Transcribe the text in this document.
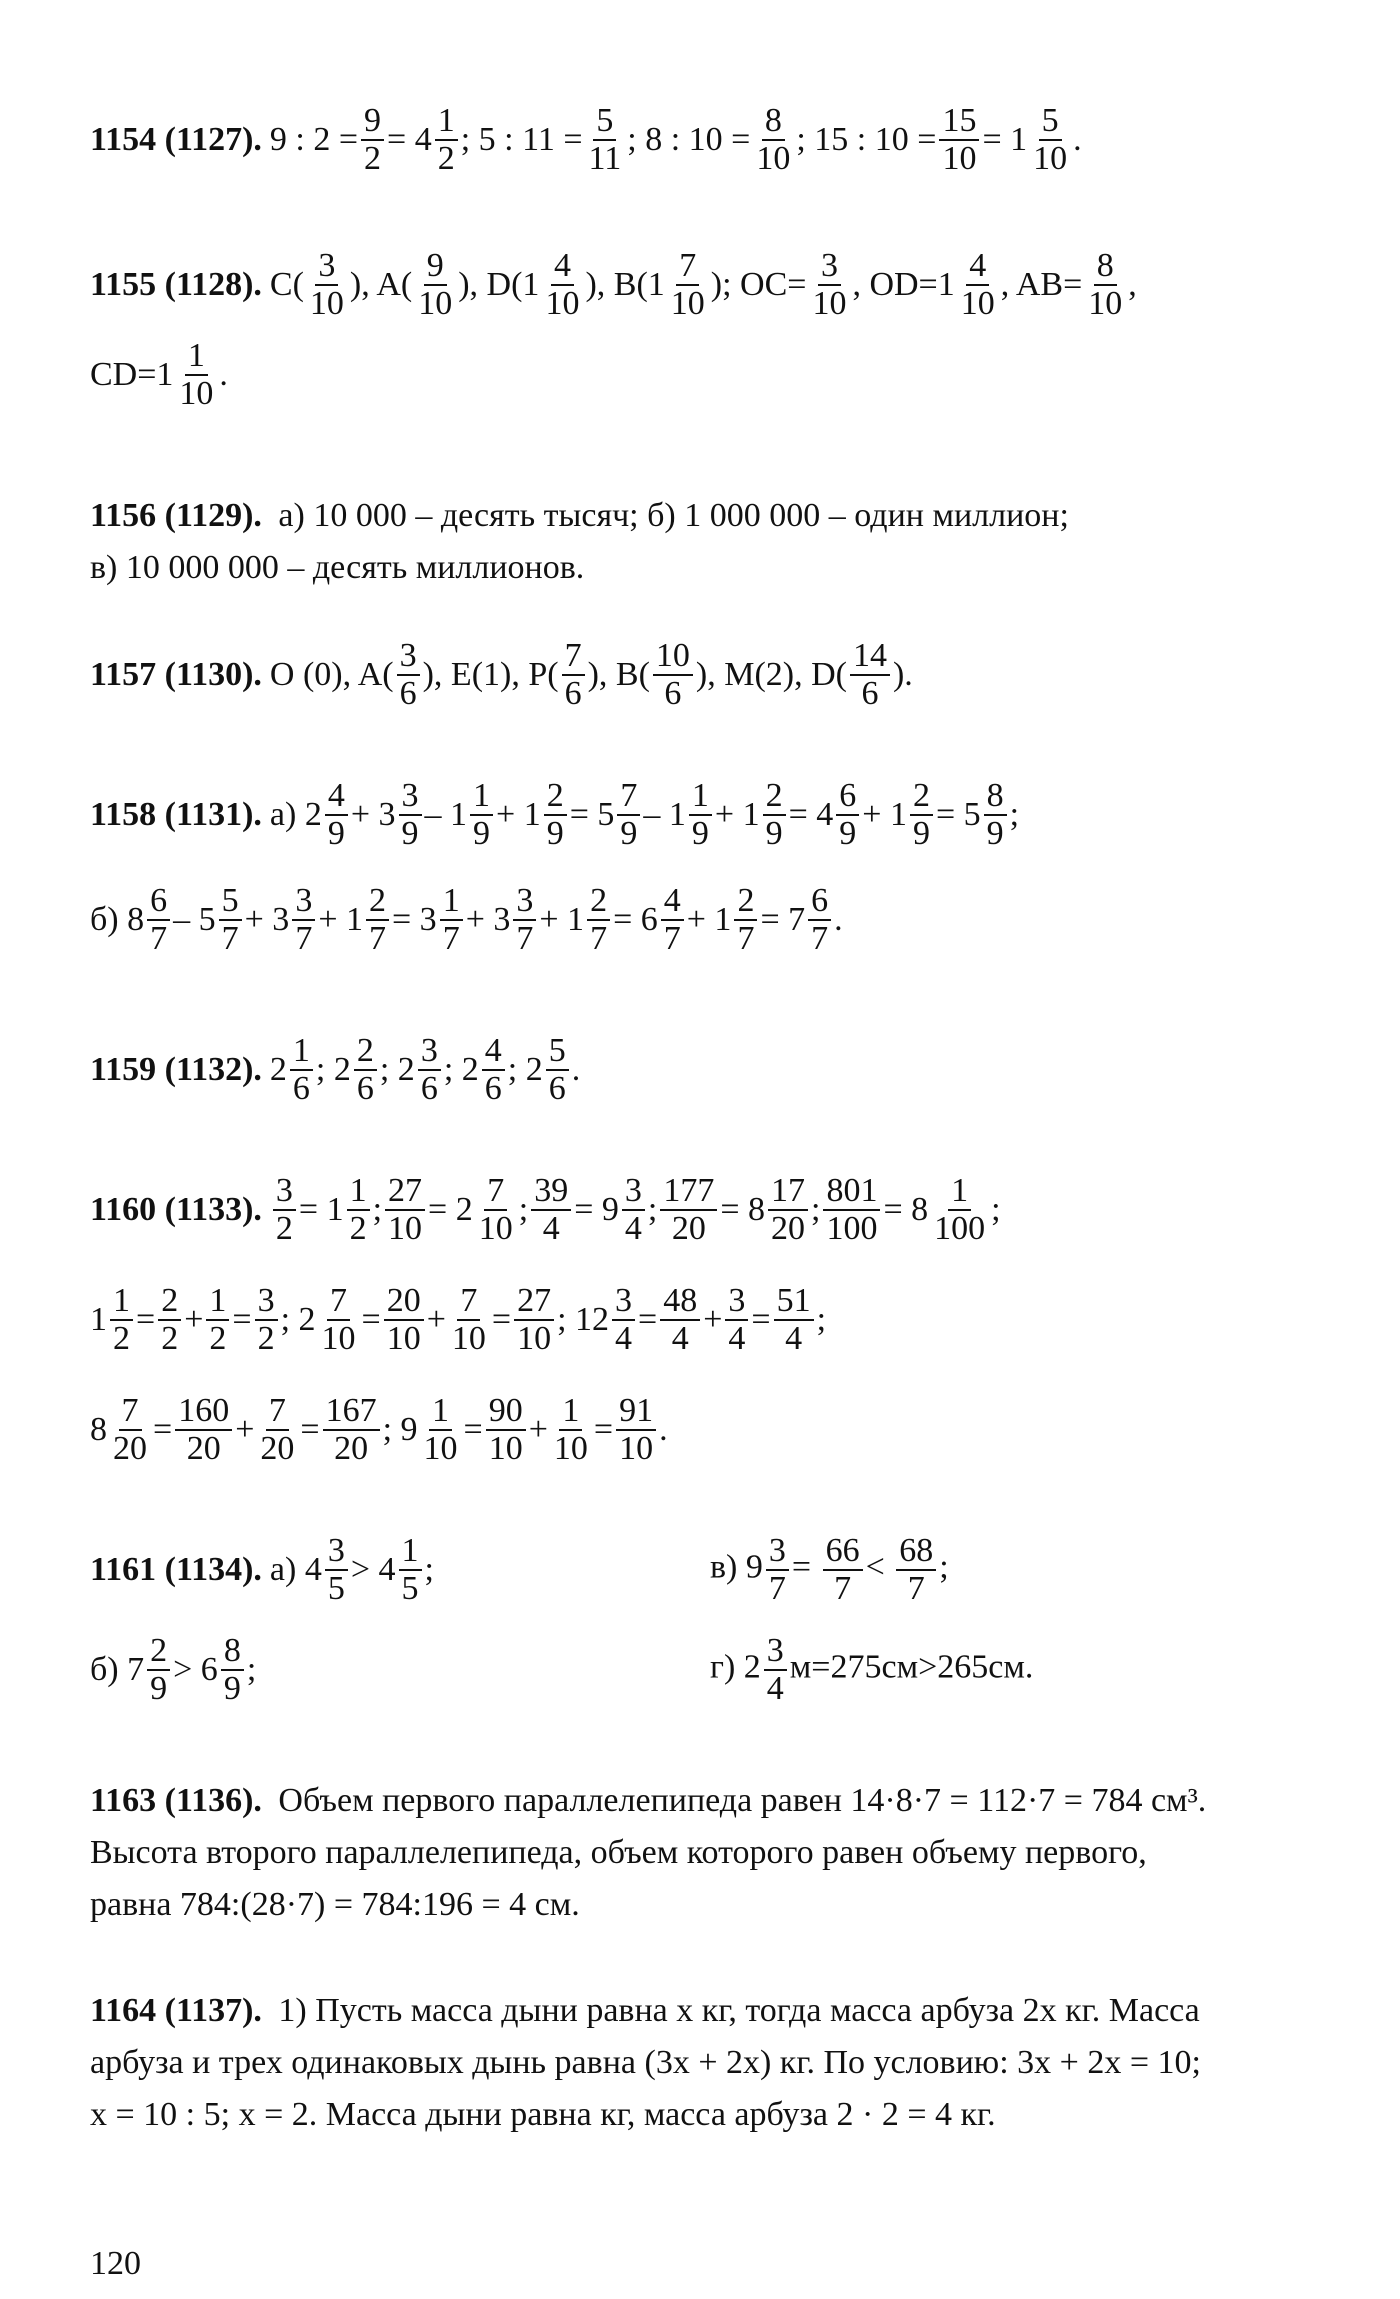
1154 (1127). 9 : $2 = \frac{9}{2} = 4$
1
2
; 5 : $11 = \frac{5}{11}$ ; 8 : $10 = \frac{8}{10}$ ; 15 : $10 = \frac{15}{10} = 1$
5
10
.
1155 (1128). C(
3
10
), A(
9
10
), D(1
4
10
), B(1
7
10
); $OC= \frac{3}{10}$ , OD=1
4
10
, $AB= \frac{8}{10}$ ,
CD=1
1
10
.

1156 (1129). а) 10 000 – десять тысяч; б) 1 000 000 – один миллион;

в) 10 000 000 – десять миллионов.

1157 (1130). O (0), A(
3
6
), E(1), P(
7
6
), B(
10
6
), M(2), D(
14
6
).
1158 (1131). а) 2
4
9
+ 3
3
9
– 1
1
9
+ $1 \frac{2}{9} = 5$
7
9
– 1
1
9
+ $1 \frac{2}{9} = 4$
6
9
+ $1 \frac{2}{9} = 5$
8
9
;
б) 8
6
7
– 5
5
7
+ 3
3
7
+ $1 \frac{2}{7} = 3$
1
7
+ 3
3
7
+ $1 \frac{2}{7} = 6$
4
7
+ $1 \frac{2}{7} = 7$
6
7
.
1159 (1132). 2
1
6
; 2
2
6
; 2
3
6
; 2
4
6
; 2
5
6
.
1160 (1133). $\frac{3}{2} = 1$
1
2
; $\frac{27}{10} = 2$
7
10
; $\frac{39}{4} = 9$
3
4
; $\frac{177}{20} = 8$
17
20
; $\frac{801}{100} = 8$
1
100
;
$1 \frac{1}{2} = \frac{2}{2} + \frac{1}{2} = \frac{3}{2}$ ; $2 \frac{7}{10} = \frac{20}{10} + \frac{7}{10} = \frac{27}{10}$ ; $12 \frac{3}{4} = \frac{48}{4} + \frac{3}{4} = \frac{51}{4}$ ;
$8 \frac{7}{20} = \frac{160}{20} + \frac{7}{20} = \frac{167}{20}$ ; $9 \frac{1}{10} = \frac{90}{10} + \frac{1}{10} = \frac{91}{10}$ .
1161 (1134). а) 4
3
5
> 4
1
5
;	в) $9 \frac{3}{7} = \frac{66}{7} < \frac{68}{7}$ ;
б) 7
2
9
> 6
8
9
;	г) $2 \frac{3}{4} м=275см>265см$.

1163 (1136). Объем первого параллелепипеда равен 14·8·7 = 112·7 = 784 см³.

Высота второго параллелепипеда, объем которого равен объему первого,

равна 784:(28·7) = 784:196 = 4 см.

1164 (1137). 1) Пусть масса дыни равна x кг, тогда масса арбуза 2x кг. Масса

арбуза и трех одинаковых дынь равна (3x + 2x) кг. По условию: 3x + 2x = 10;

x = 10 : 5; x = 2. Масса дыни равна кг, масса арбуза 2 · 2 = 4 кг.

120
